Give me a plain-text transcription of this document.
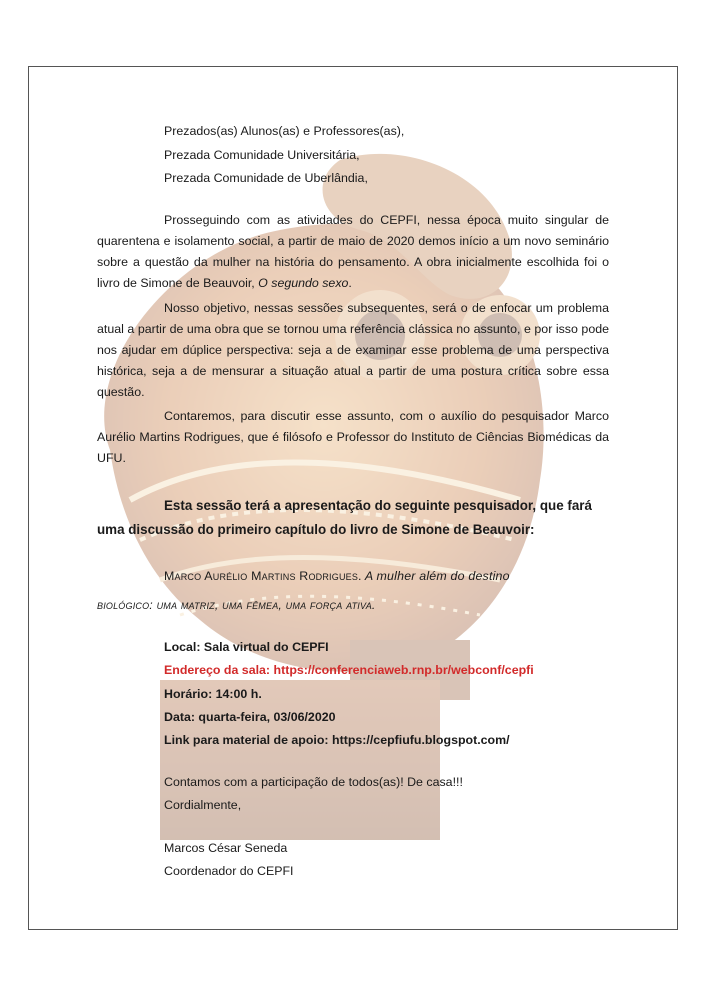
Prezados(as) Alunos(as) e Professores(as),

Prezada Comunidade Universitária,

Prezada Comunidade de Uberlândia,

Prosseguindo com as atividades do CEPFI, nessa época muito singular de quarentena e isolamento social, a partir de maio de 2020 demos início a um novo seminário sobre a questão da mulher na história do pensamento. A obra inicialmente escolhida foi o livro de Simone de Beauvoir, O segundo sexo.

Nosso objetivo, nessas sessões subsequentes, será o de enfocar um problema atual a partir de uma obra que se tornou uma referência clássica no assunto, e por isso pode nos ajudar em dúplice perspectiva: seja a de examinar esse problema de uma perspectiva histórica, seja a de mensurar a situação atual a partir de uma postura crítica sobre essa questão.

Contaremos, para discutir esse assunto, com o auxílio do pesquisador Marco Aurélio Martins Rodrigues, que é filósofo e Professor do Instituto de Ciências Biomédicas da UFU.

Esta sessão terá a apresentação do seguinte pesquisador, que fará
uma discussão do primeiro capítulo do livro de Simone de Beauvoir:

Marco Aurélio Martins Rodrigues. A mulher além do destino
biológico: uma matriz, uma fêmea, uma força ativa.

Local: Sala virtual do CEPFI

Endereço da sala: https://conferenciaweb.rnp.br/webconf/cepfi

Horário: 14:00 h.

Data: quarta-feira, 03/06/2020

Link para material de apoio: https://cepfiufu.blogspot.com/

Contamos com a participação de todos(as)! De casa!!!

Cordialmente,

Marcos César Seneda

Coordenador do CEPFI
